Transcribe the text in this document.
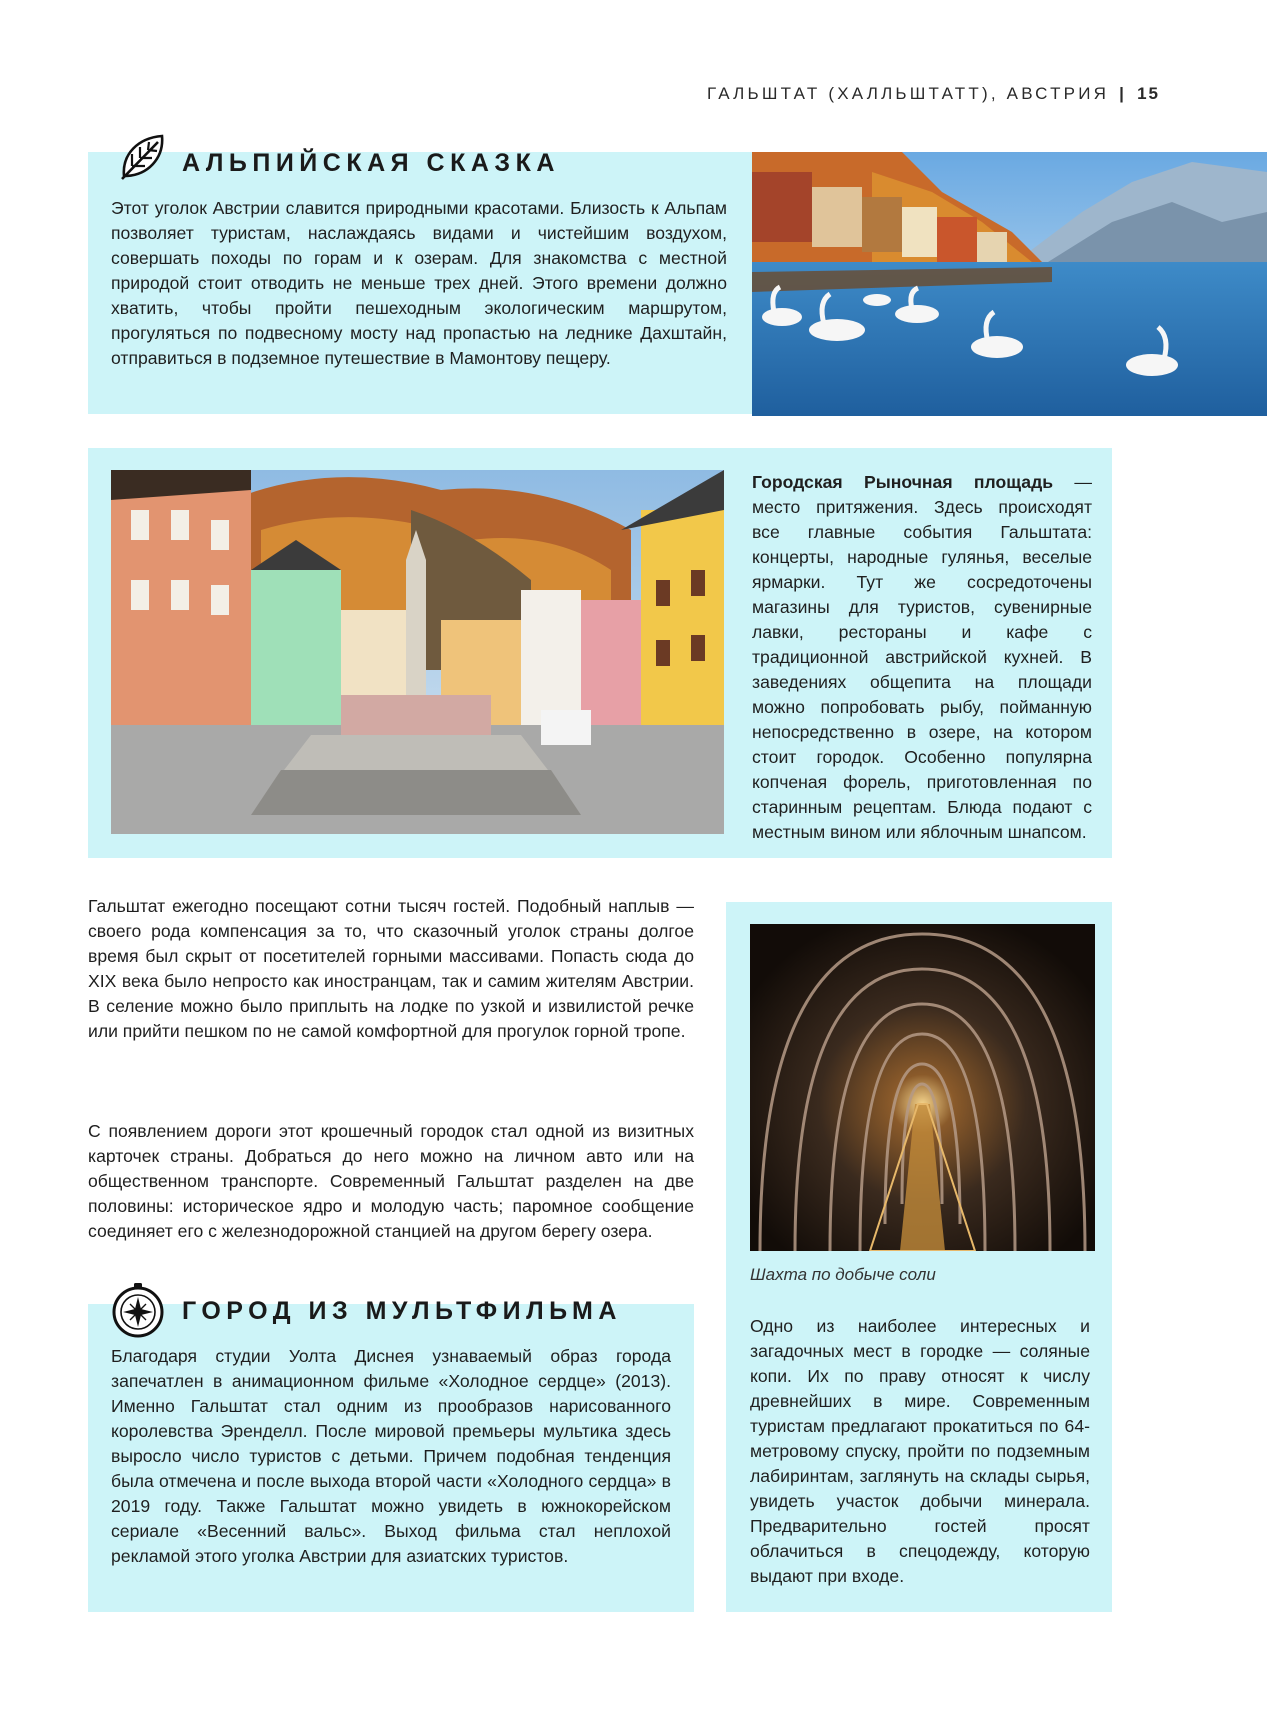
ГАЛЬШТАТ (ХАЛЛЬШТАТТ), АВСТРИЯ | 15
АЛЬПИЙСКАЯ СКАЗКА
Этот уголок Австрии славится природными красотами. Близость к Альпам позволяет туристам, наслаждаясь видами и чистейшим воздухом, совершать походы по горам и к озерам. Для знакомства с местной природой стоит отводить не меньше трех дней. Этого времени должно хватить, чтобы пройти пешеходным экологическим маршрутом, прогуляться по подвесному мосту над пропастью на леднике Дахштайн, отправиться в подземное путешествие в Мамонтову пещеру.
Городская Рыночная площадь — место притяжения. Здесь происходят все главные события Гальштата: концерты, народные гулянья, веселые ярмарки. Тут же сосредоточены магазины для туристов, сувенирные лавки, рестораны и кафе с традиционной австрийской кухней. В заведениях общепита на площади можно попробовать рыбу, пойманную непосредственно в озере, на котором стоит городок. Особенно популярна копченая форель, приготовленная по старинным рецептам. Блюда подают с местным вином или яблочным шнапсом.
Гальштат ежегодно посещают сотни тысяч гостей. Подобный наплыв — своего рода компенсация за то, что сказочный уголок страны долгое время был скрыт от посетителей горными массивами. Попасть сюда до XIX века было непросто как иностранцам, так и самим жителям Австрии. В селение можно было приплыть на лодке по узкой и извилистой речке или прийти пешком по не самой комфортной для прогулок горной тропе.
С появлением дороги этот крошечный городок стал одной из визитных карточек страны. Добраться до него можно на личном авто или на общественном транспорте. Современный Гальштат разделен на две половины: историческое ядро и молодую часть; паромное сообщение соединяет его с железнодорожной станцией на другом берегу озера.
ГОРОД ИЗ МУЛЬТФИЛЬМА
Благодаря студии Уолта Диснея узнаваемый образ города запечатлен в анимационном фильме «Холодное сердце» (2013). Именно Гальштат стал одним из прообразов нарисованного королевства Эренделл. После мировой премьеры мультика здесь выросло число туристов с детьми. Причем подобная тенденция была отмечена и после выхода второй части «Холодного сердца» в 2019 году. Также Гальштат можно увидеть в южнокорейском сериале «Весенний вальс». Выход фильма стал неплохой рекламой этого уголка Австрии для азиатских туристов.
Шахта по добыче соли
Одно из наиболее интересных и загадочных мест в городке — соляные копи. Их по праву относят к числу древнейших в мире. Современным туристам предлагают прокатиться по 64-метровому спуску, пройти по подземным лабиринтам, заглянуть на склады сырья, увидеть участок добычи минерала. Предварительно гостей просят облачиться в спецодежду, которую выдают при входе.
